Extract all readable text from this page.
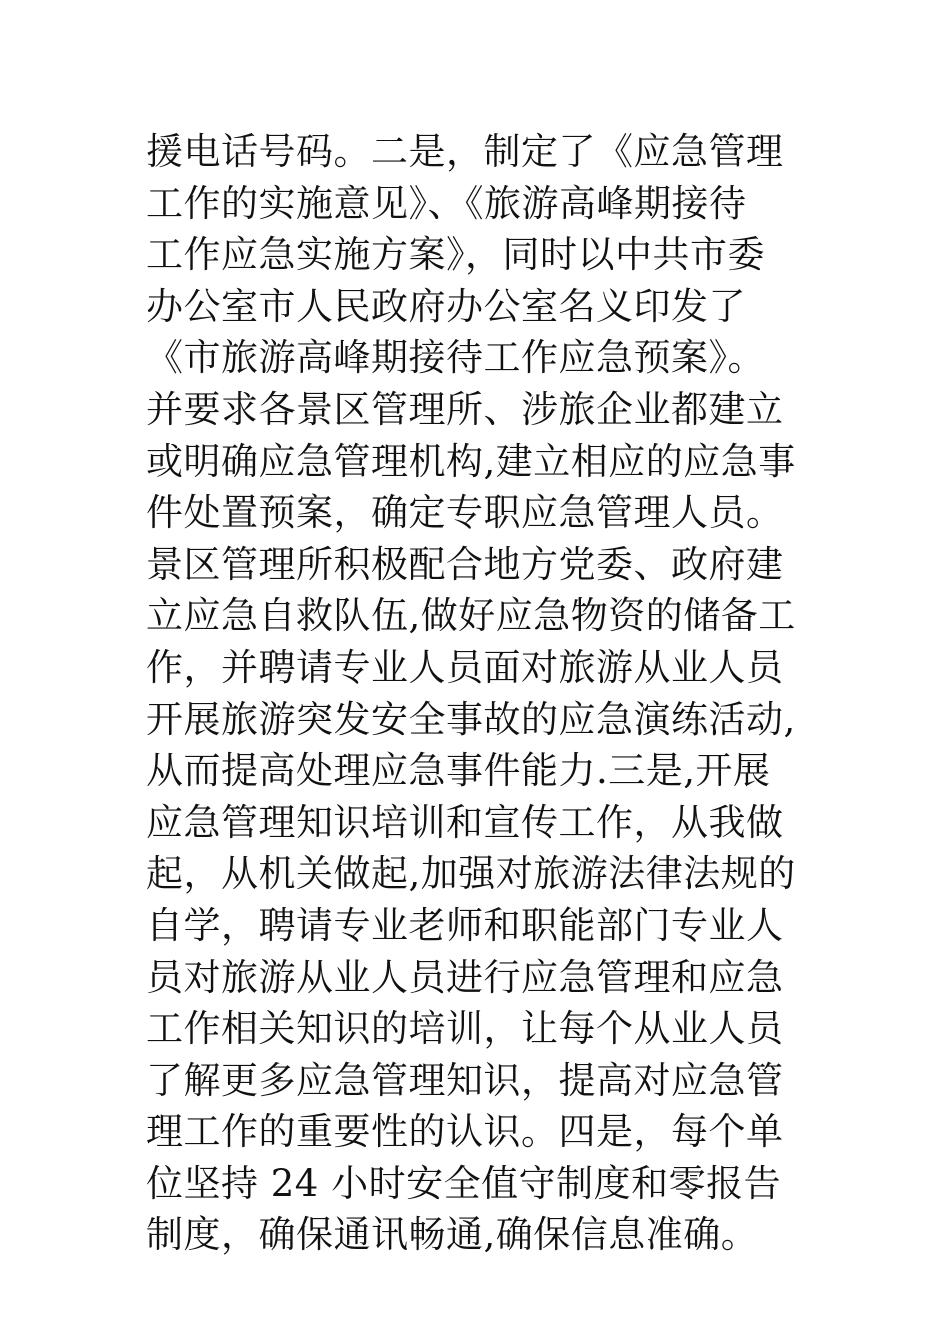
援电话号码。二是，制定了《应急管理
工作的实施意见》、《旅游高峰期接待
工作应急实施方案》，同时以中共市委
办公室市人民政府办公室名义印发了
《市旅游高峰期接待工作应急预案》。
并要求各景区管理所、涉旅企业都建立
或明确应急管理机构,建立相应的应急事
件处置预案，确定专职应急管理人员。
景区管理所积极配合地方党委、政府建
立应急自救队伍,做好应急物资的储备工
作，并聘请专业人员面对旅游从业人员
开展旅游突发安全事故的应急演练活动,
从而提高处理应急事件能力.三是,开展
应急管理知识培训和宣传工作，从我做
起，从机关做起,加强对旅游法律法规的
自学，聘请专业老师和职能部门专业人
员对旅游从业人员进行应急管理和应急
工作相关知识的培训，让每个从业人员
了解更多应急管理知识，提高对应急管
理工作的重要性的认识。四是，每个单
位坚持 24 小时安全值守制度和零报告
制度，确保通讯畅通,确保信息准确。
